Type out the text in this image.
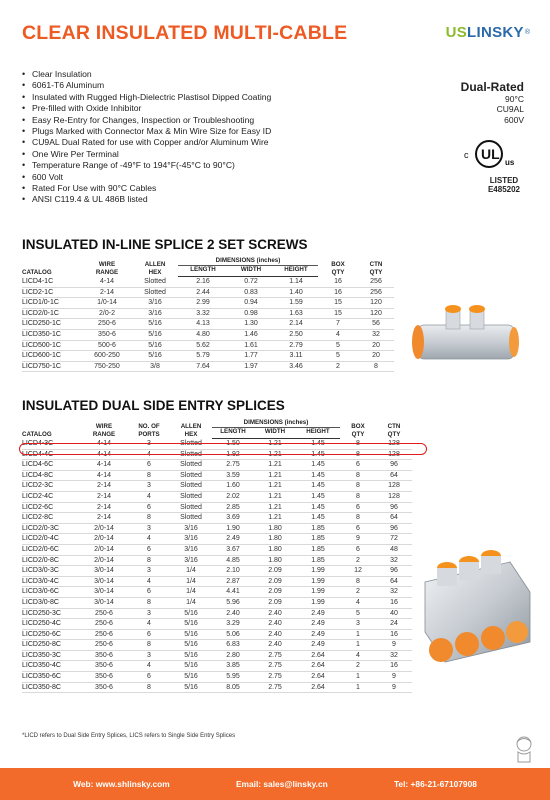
CLEAR INSULATED MULTI-CABLE	US LINSKY ®
• Clear Insulation
• 6061-T6 Aluminum
• Insulated with Rugged High-Dielectric Plastisol Dipped Coating
• Pre-filled with Oxide Inhibitor
• Easy Re-Entry for Changes, Inspection or Troubleshooting
• Plugs Marked with Connector Max & Min Wire Size for Easy ID
• CU9AL Dual Rated for use with Copper and/or Aluminum Wire
• One Wire Per Terminal
• Temperature Range of -49°F to 194°F(-45°C to 90°C)
• 600 Volt
• Rated For Use with 90°C Cables
• ANSI C119.4 & UL 486B listed
Dual-Rated
90°C
CU9AL
600V
c UL
us
LISTED
E485202
INSULATED IN-LINE SPLICE 2 SET SCREWS
CATALOG	WIRE
RANGE	ALLEN
HEX	DIMENSIONS (inches)			BOX
QTY	CTN
QTY
			LENGTH	WIDTH	HEIGHT		
LICD4-1C	4-14	Slotted	2.16	0.72	1.14	16	256
LICD2-1C	2-14	Slotted	2.44	0.83	1.40	16	256
LICD1/0-1C	1/0-14	3/16	2.99	0.94	1.59	15	120
LICD2/0-1C	2/0-2	3/16	3.32	0.98	1.63	15	120
LICD250-1C	250-6	5/16	4.13	1.30	2.14	7	56
LICD350-1C	350-6	5/16	4.80	1.46	2.50	4	32
LICD500-1C	500-6	5/16	5.62	1.61	2.79	5	20
LICD600-1C	600-250	5/16	5.79	1.77	3.11	5	20
LICD750-1C	750-250	3/8	7.64	1.97	3.46	2	8
INSULATED DUAL SIDE ENTRY SPLICES
CATALOG	WIRE
RANGE	NO. OF
PORTS	ALLEN
HEX	DIMENSIONS (inches)			BOX
QTY	CTN
QTY
				LENGTH	WIDTH	HEIGHT		
LICD4-3C	4-14	3	Slotted	1.50	1.21	1.45	8	128
LICD4-4C	4-14	4	Slotted	1.92	1.21	1.45	8	128
LICD4-6C	4-14	6	Slotted	2.75	1.21	1.45	6	96
LICD4-8C	4-14	8	Slotted	3.59	1.21	1.45	8	64
LICD2-3C	2-14	3	Slotted	1.60	1.21	1.45	8	128
LICD2-4C	2-14	4	Slotted	2.02	1.21	1.45	8	128
LICD2-6C	2-14	6	Slotted	2.85	1.21	1.45	6	96
LICD2-8C	2-14	8	Slotted	3.69	1.21	1.45	8	64
LICD2/0-3C	2/0-14	3	3/16	1.90	1.80	1.85	6	96
LICD2/0-4C	2/0-14	4	3/16	2.49	1.80	1.85	9	72
LICD2/0-6C	2/0-14	6	3/16	3.67	1.80	1.85	6	48
LICD2/0-8C	2/0-14	8	3/16	4.85	1.80	1.85	2	32
LICD3/0-3C	3/0-14	3	1/4	2.10	2.09	1.99	12	96
LICD3/0-4C	3/0-14	4	1/4	2.87	2.09	1.99	8	64
LICD3/0-6C	3/0-14	6	1/4	4.41	2.09	1.99	2	32
LICD3/0-8C	3/0-14	8	1/4	5.96	2.09	1.99	4	16
LICD250-3C	250-6	3	5/16	2.40	2.40	2.49	5	40
LICD250-4C	250-6	4	5/16	3.29	2.40	2.49	3	24
LICD250-6C	250-6	6	5/16	5.06	2.40	2.49	1	16
LICD250-8C	250-6	8	5/16	6.83	2.40	2.49	1	9
LICD350-3C	350-6	3	5/16	2.80	2.75	2.64	4	32
LICD350-4C	350-6	4	5/16	3.85	2.75	2.64	2	16
LICD350-6C	350-6	6	5/16	5.95	2.75	2.64	1	9
LICD350-8C	350-6	8	5/16	8.05	2.75	2.64	1	9
*LICD refers to Dual Side Entry Splices, LICS refers to Single Side Entry Splices
Web: www.shlinsky.com	Email: sales@linsky.cn	Tel: +86-21-67107908
